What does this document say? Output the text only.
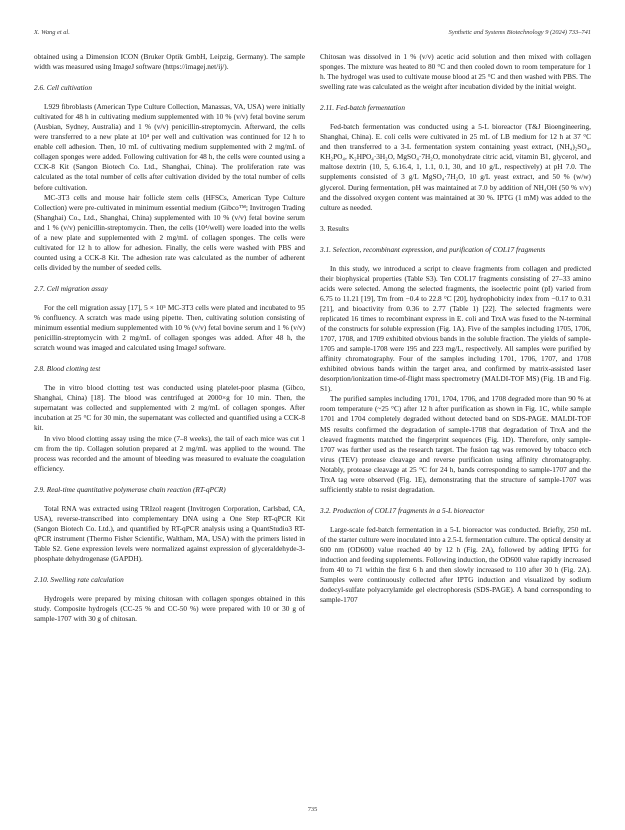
X. Wang et al.	Synthetic and Systems Biotechnology 9 (2024) 733–741

obtained using a Dimension ICON (Bruker Optik GmbH, Leipzig, Germany). The sample width was measured using ImageJ software (https://imagej.net/ij/).

2.6. Cell cultivation

L929 fibroblasts (American Type Culture Collection, Manassas, VA, USA) were initially cultivated for 48 h in cultivating medium supplemented with 10 % (v/v) fetal bovine serum (Ausbian, Sydney, Australia) and 1 % (v/v) penicillin-streptomycin. Afterward, the cells were transferred to a new plate at 10⁴ per well and cultivation was continued for 12 h to enable cell adhesion. Then, 10 mL of cultivating medium supplemented with 2 mg/mL of collagen sponges were added. Following cultivation for 48 h, the cells were counted using a CCK-8 Kit (Sangon Biotech Co. Ltd., Shanghai, China). The proliferation rate was calculated as the total number of cells after cultivation divided by the total number of cells before cultivation.

MC-3T3 cells and mouse hair follicle stem cells (HFSCs, American Type Culture Collection) were pre-cultivated in minimum essential medium (Gibco™; Invitrogen Trading (Shanghai) Co., Ltd., Shanghai, China) supplemented with 10 % (v/v) fetal bovine serum and 1 % (v/v) penicillin-streptomycin. Then, the cells (10⁴/well) were loaded into the wells of a new plate and supplemented with 2 mg/mL of collagen sponges. The cells were cultivated for 12 h to allow for adhesion. Finally, the cells were washed with PBS and counted using a CCK-8 Kit. The adhesion rate was calculated as the number of adherent cells divided by the number of seeded cells.

2.7. Cell migration assay

For the cell migration assay [17], 5 × 10⁵ MC-3T3 cells were plated and incubated to 95 % confluency. A scratch was made using pipette. Then, cultivating solution consisting of minimum essential medium supplemented with 10 % (v/v) fetal bovine serum and 1 % (v/v) penicillin-streptomycin with 2 mg/mL of collagen sponges was added. After 48 h, the scratch wound was imaged and calculated using ImageJ software.

2.8. Blood clotting test

The in vitro blood clotting test was conducted using platelet-poor plasma (Gibco, Shanghai, China) [18]. The blood was centrifuged at 2000×g for 10 min. Then, the supernatant was collected and supplemented with 2 mg/mL of collagen sponges. After incubation at 25 °C for 30 min, the supernatant was collected and quantified using a CCK-8 kit.

In vivo blood clotting assay using the mice (7–8 weeks), the tail of each mice was cut 1 cm from the tip. Collagen solution prepared at 2 mg/mL was applied to the wound. The process was recorded and the amount of bleeding was measured to evaluate the coagulation efficiency.

2.9. Real-time quantitative polymerase chain reaction (RT-qPCR)

Total RNA was extracted using TRIzol reagent (Invitrogen Corporation, Carlsbad, CA, USA), reverse-transcribed into complementary DNA using a One Step RT-qPCR Kit (Sangon Biotech Co. Ltd.), and quantified by RT-qPCR analysis using a QuantStudio3 RT-qPCR instrument (Thermo Fisher Scientific, Waltham, MA, USA) with the primers listed in Table S2. Gene expression levels were normalized against expression of glyceraldehyde-3-phosphate dehydrogenase (GAPDH).

2.10. Swelling rate calculation

Hydrogels were prepared by mixing chitosan with collagen sponges obtained in this study. Composite hydrogels (CC-25 % and CC-50 %) were prepared with 10 or 30 g of sample-1707 with 30 g of chitosan.

Chitosan was dissolved in 1 % (v/v) acetic acid solution and then mixed with collagen sponges. The mixture was heated to 80 °C and then cooled down to room temperature for 1 h. The hydrogel was used to cultivate mouse blood at 25 °C and then washed with PBS. The swelling rate was calculated as the weight after incubation divided by the initial weight.

2.11. Fed-batch fermentation

Fed-batch fermentation was conducted using a 5-L bioreactor (T&J Bioengineering, Shanghai, China). E. coli cells were cultivated in 25 mL of LB medium for 12 h at 37 °C and then transferred to a 3-L fermentation system containing yeast extract, (NH₄)₂SO₄, KH₂PO₄, K₂HPO₄·3H₂O, MgSO₄·7H₂O, monohydrate citric acid, vitamin B1, glycerol, and maltose dextrin (10, 5, 6.16.4, 1, 1.1, 0.1, 30, and 10 g/L, respectively) at pH 7.0. The supplements consisted of 3 g/L MgSO₄·7H₂O, 10 g/L yeast extract, and 50 % (w/w) glycerol. During fermentation, pH was maintained at 7.0 by addition of NH₄OH (50 % v/v) and the dissolved oxygen content was maintained at 30 %. IPTG (1 mM) was added to the culture as needed.

3. Results
3.1. Selection, recombinant expression, and purification of COL17 fragments

In this study, we introduced a script to cleave fragments from collagen and predicted their biophysical properties (Table S3). Ten COL17 fragments consisting of 27–33 amino acids were selected. Among the selected fragments, the isoelectric point (pI) varied from 6.75 to 11.21 [19], Tm from −0.4 to 22.8 °C [20], hydrophobicity index from −0.17 to 0.31 [21], and bioactivity from 0.36 to 2.77 (Table 1) [22]. The selected fragments were replicated 16 times to recombinant express in E. coli and TrxA was fused to the N-terminal of the constructs for soluble expression (Fig. 1A). Five of the samples including 1705, 1706, 1707, 1708, and 1709 exhibited obvious bands in the soluble fraction. The yields of sample-1705 and sample-1708 were 195 and 223 mg/L, respectively. All samples were purified by affinity chromatography. Four of the samples including 1701, 1706, 1707, and 1708 exhibited obvious bands within the target area, and confirmed by matrix-assisted laser desorption/ionization time-of-flight mass spectrometry (MALDI-TOF MS) (Fig. 1B and Fig. S1).

The purified samples including 1701, 1704, 1706, and 1708 degraded more than 90 % at room temperature (~25 °C) after 12 h after purification as shown in Fig. 1C, while sample 1701 and 1704 completely degraded without detected band on SDS-PAGE. MALDI-TOF MS results confirmed the degradation of sample-1708 that degradation of TrxA and the cleaved fragments matched the fingerprint sequences (Fig. 1D). Therefore, only sample-1707 was further used as the research target. The fusion tag was removed by tobacco etch virus (TEV) protease cleavage and reverse purification using affinity chromatography. Notably, protease cleavage at 25 °C for 24 h, bands corresponding to sample-1707 and the TrxA tag were observed (Fig. 1E), demonstrating that the structure of sample-1707 was sufficiently stable to resist degradation.

3.2. Production of COL17 fragments in a 5-L bioreactor

Large-scale fed-batch fermentation in a 5-L bioreactor was conducted. Briefly, 250 mL of the starter culture were inoculated into a 2.5-L fermentation culture. The optical density at 600 nm (OD600) value reached 40 by 12 h (Fig. 2A), followed by adding IPTG for induction and feeding supplements. Following induction, the OD600 value rapidly increased from 40 to 71 within the first 6 h and then slowly increased to 110 after 30 h (Fig. 2A). Samples were continuously collected after IPTG induction and visualized by sodium dodecyl-sulfate polyacrylamide gel electrophoresis (SDS-PAGE). A band corresponding to sample-1707

735
